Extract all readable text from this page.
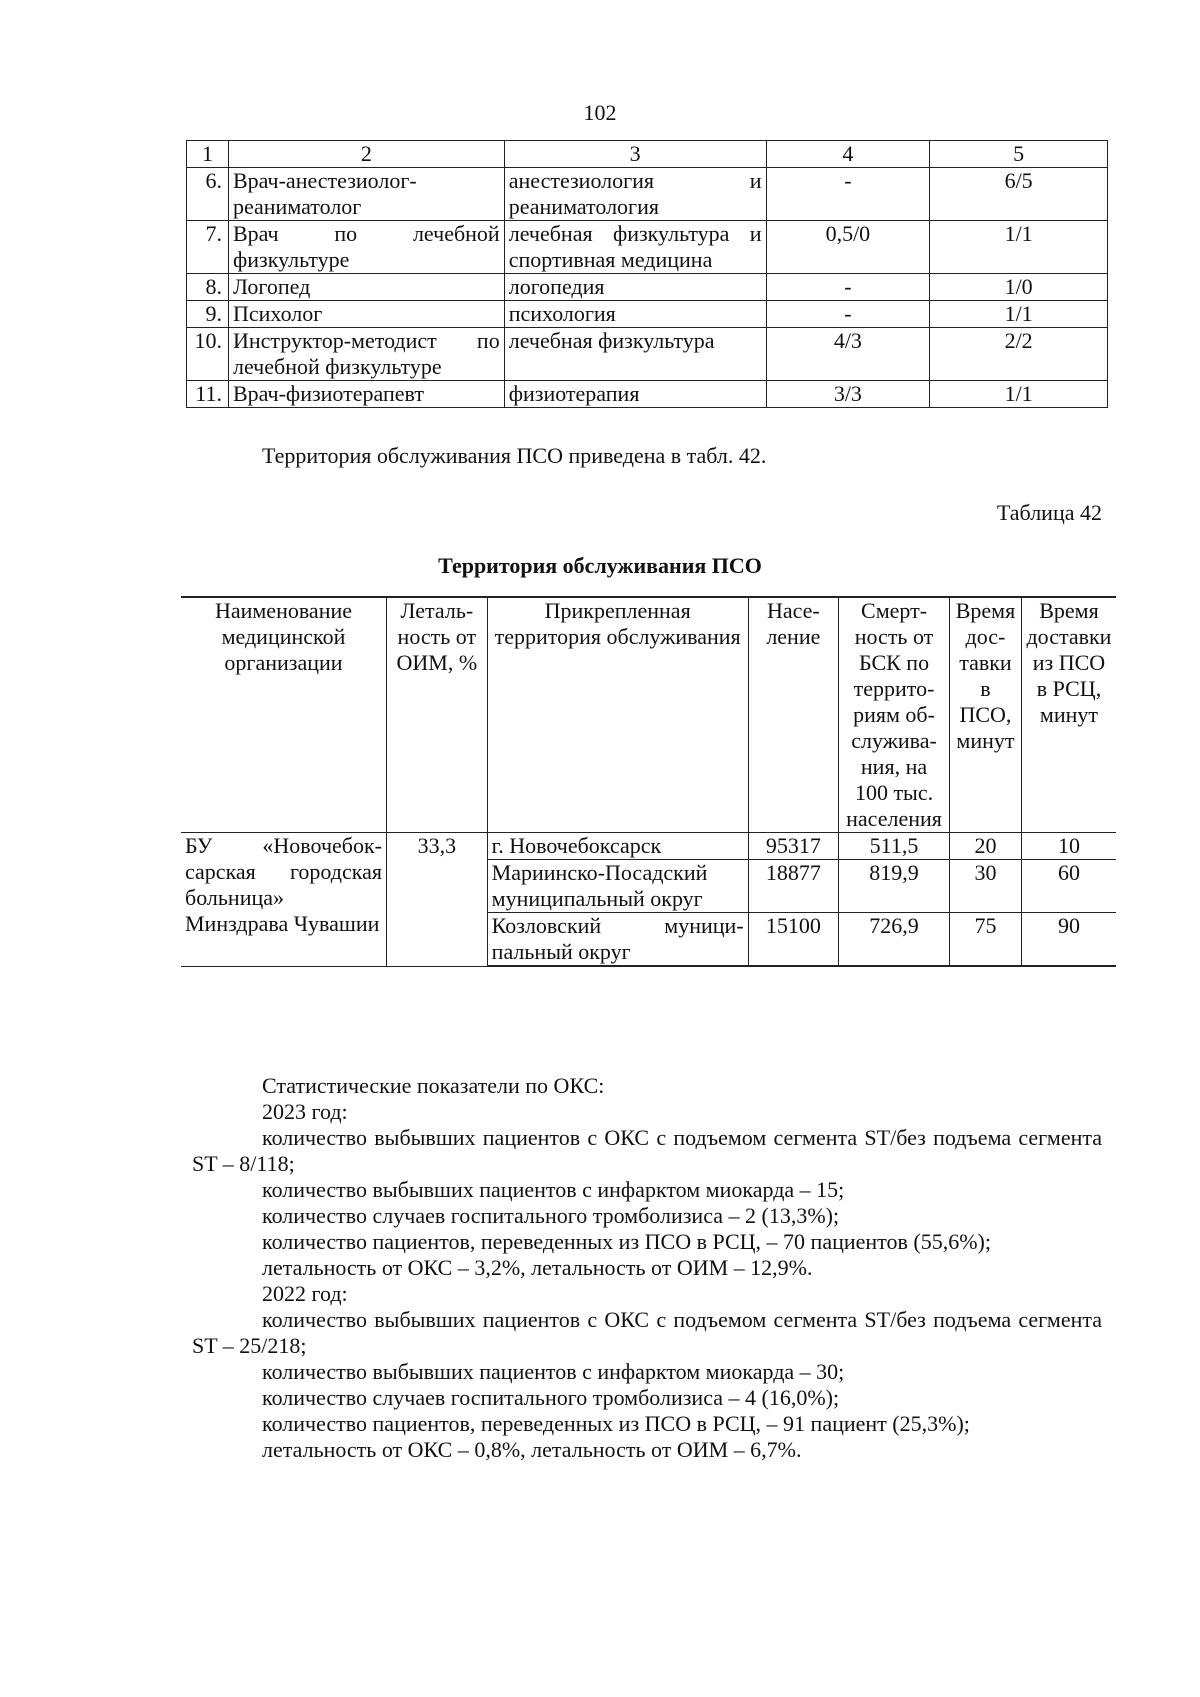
102
1	2	3	4	5
6.	Врач-анестезиолог-реаниматолог	анестезиология и реаниматология	-	6/5
7.	Врач по лечебной физкультуре	лечебная физкультура и спортивная медицина	0,5/0	1/1
8.	Логопед	логопедия	-	1/0
9.	Психолог	психология	-	1/1
10.	Инструктор-методист по лечебной физкультуре	лечебная физкультура	4/3	2/2
11.	Врач-физиотерапевт	физиотерапия	3/3	1/1
Территория обслуживания ПСО приведена в табл. 42.
Таблица 42
Территория обслуживания ПСО
Наименование медицинской организации	Летальность от ОИМ, %	Прикрепленная территория обслуживания	Население	Смертность от БСК по территориям обслуживания, на 100 тыс. населения	Время доставки в ПСО, минут	Время доставки из ПСО в РСЦ, минут
БУ «Новочебоксарская городская больница» Минздрава Чувашии	33,3	г. Новочебоксарск	95317	511,5	20	10
		Мариинско-Посадский муниципальный округ	18877	819,9	30	60
		Козловский муниципальный округ	15100	726,9	75	90

Статистические показатели по ОКС:

2023 год:

количество выбывших пациентов с ОКС с подъемом сегмента ST/без подъема сегмента ST – 8/118;

количество выбывших пациентов с инфарктом миокарда – 15;

количество случаев госпитального тромболизиса – 2 (13,3%);

количество пациентов, переведенных из ПСО в РСЦ, – 70 пациентов (55,6%);

летальность от ОКС – 3,2%, летальность от ОИМ – 12,9%.

2022 год:

количество выбывших пациентов с ОКС с подъемом сегмента ST/без подъема сегмента ST – 25/218;

количество выбывших пациентов с инфарктом миокарда – 30;

количество случаев госпитального тромболизиса – 4 (16,0%);

количество пациентов, переведенных из ПСО в РСЦ, – 91 пациент (25,3%);

летальность от ОКС – 0,8%, летальность от ОИМ – 6,7%.
